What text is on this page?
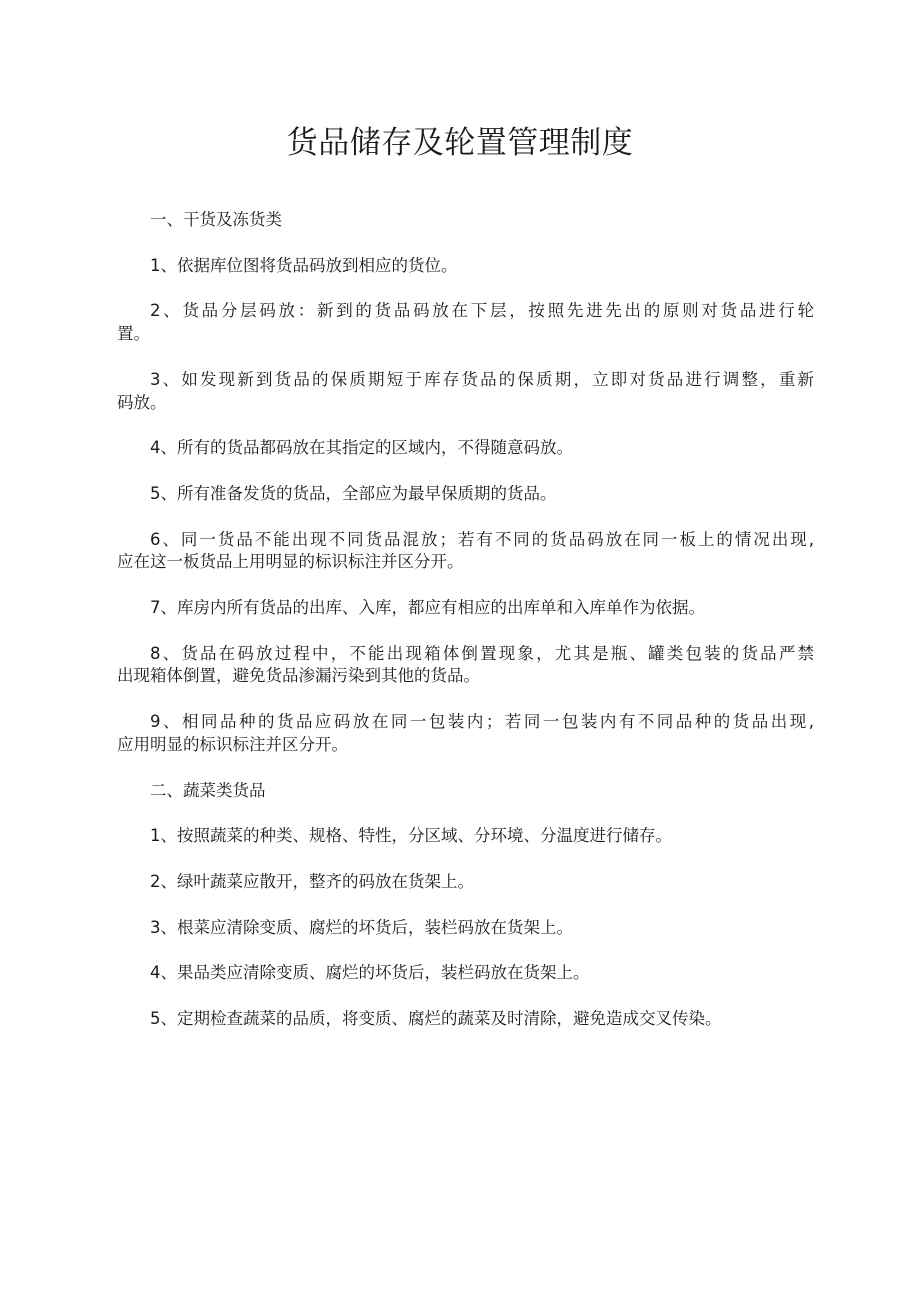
货品储存及轮置管理制度

一、干货及冻货类

1、依据库位图将货品码放到相应的货位。

2、货品分层码放：新到的货品码放在下层，按照先进先出的原则对货品进行轮
置。

3、如发现新到货品的保质期短于库存货品的保质期，立即对货品进行调整，重新
码放。

4、所有的货品都码放在其指定的区域内，不得随意码放。

5、所有准备发货的货品，全部应为最早保质期的货品。

6、同一货品不能出现不同货品混放；若有不同的货品码放在同一板上的情况出现,
应在这一板货品上用明显的标识标注并区分开。

7、库房内所有货品的出库、入库，都应有相应的出库单和入库单作为依据。

8、货品在码放过程中，不能出现箱体倒置现象，尤其是瓶、罐类包装的货品严禁
出现箱体倒置，避免货品渗漏污染到其他的货品。

9、相同品种的货品应码放在同一包装内；若同一包装内有不同品种的货品出现,
应用明显的标识标注并区分开。

二、蔬菜类货品

1、按照蔬菜的种类、规格、特性，分区域、分环境、分温度进行储存。

2、绿叶蔬菜应散开，整齐的码放在货架上。

3、根菜应清除变质、腐烂的坏货后，装栏码放在货架上。

4、果品类应清除变质、腐烂的坏货后，装栏码放在货架上。

5、定期检查蔬菜的品质，将变质、腐烂的蔬菜及时清除，避免造成交叉传染。
